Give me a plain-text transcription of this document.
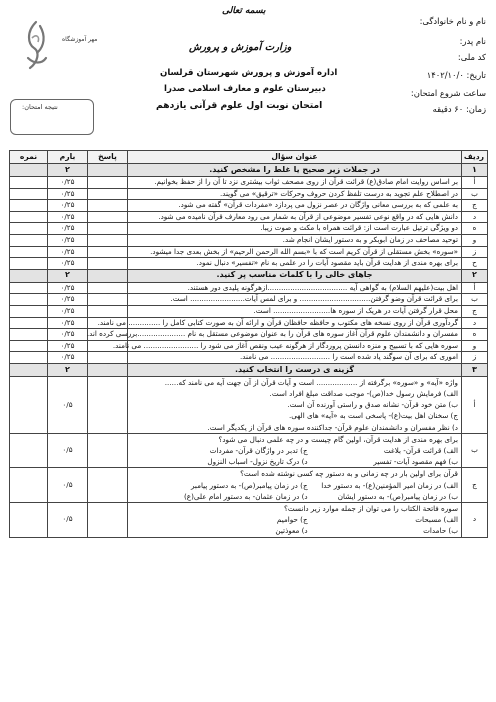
بسمه تعالی
وزارت آموزش و پرورش
اداره آموزش و پرورش شهرستان قرلسان
دبیرستان علوم و معارف اسلامی صدرا
امتحان نوبت اول علوم قرآنی یازدهم
نام و نام خانوادگی:
نام پدر:
کد ملی:
تاریخ: ۱۴۰۲/۱۰/۰
ساعت شروع امتحان:
زمان: ۶۰ دقیقه
مهر آموزشگاه
نتیجه امتحان:
ردیف	عنوان سؤال	پاسخ	بارم	نمره
۱	در جملات زیر صحیح یا غلط را مشخص کنید.		۲	
أ	بر اساس روایت امام صادق(ع) قرائت قرآن از روی مصحف ثواب بیشتری نزد تا آن را از حفظ بخوانیم.		۰/۲۵	
ب	در اصطلاح علم تجوید به درست تلفظ کردن حروف وحرکات «ترقیق» می گویند.		۰/۲۵	
ج	به علمی که به بررسی معانی واژگان در عصر نزول می پردازد «مفردات قرآن» گفته می شود.		۰/۲۵	
د	دانش هایی که در واقع نوعی تفسیر موضوعی از قرآن به شمار می رود معارف قرآن نامیده می شود.		۰/۲۵	
ه	دو ویژگی ترتیل عبارت است از: قرائت همراه با مکث و صوت زیبا.		۰/۲۵	
و	توحید مصاحف در زمان ابوبکر و به دستور ایشان انجام شد.		۰/۲۵	
ز	«سوره» بخش مستقلی از قرآن کریم است که با «بسم الله الرحمن الرحیم» از بخش بعدی جدا میشود.		۰/۲۵	
ح	برای بهره مندی از هدایت قرآن باید مقصود آیات را در علمی به نام «تفسیر» دنبال نمود.		۰/۲۵	
۲	جاهای خالی را با کلمات مناسب پر کنید.		۲	
أ	اهل بیت(علیهم السلام) به گواهی آیه ...................................ازهرگونه پلیدی دور هستند.		۰/۲۵	
ب	برای قرائت قرآن وضو گرفتن............................... و برای لمس آیات........................ است.		۰/۲۵	
ج	محل قرار گرفتن آیات در هریک از سوره ها......................... است.		۰/۲۵	
د	گردآوری قرآن از روی نسخه های مکتوب و حافظه حافظان قرآن و ارائه آن به صورت کتابی کامل را .............. می نامند.		۰/۲۵	
ه	مفسران و دانشمندان علوم قرآن آغاز سوره های قرآن را به عنوان موضوعی مستقل به نام .....................بررسی کرده اند.		۰/۲۵	
و	سوره هایی که با تسبیح و منزه دانستن پروردگار از هرگونه عیب ونقص آغاز می شود را ........................ می نامند.		۰/۲۵	
ز	اموری که برای آن سوگند یاد شده است را .......................... می نامند.		۰/۲۵	
۳	گزینه ی درست را انتخاب کنید.		۲	
أ	واژه «آیه» و «سوره» برگرفته از .................. است و آیات قرآن از آن جهت آیه می نامند که......
الف) فرمایش رسول خدا(ص)- موجب صداقت مبلغ افراد است.
ب) متن خود قرآن- نشانه صدق و راستی آورنده آن است.
ج) سخنان اهل بیت(ع)- پاسخی است به «آیه» های الهی.
د) نظر مفسران و دانشمندان علوم قرآن- جداکننده سوره های قرآن از یکدیگر است.		۰/۵	
ب	برای بهره مندی از هدایت قرآن، اولین گام چیست و در چه علمی دنبال می شود؟
الف) قرائت قرآن- بلاغتج) تدبر در واژگان قرآن- مفردات
ب) فهم مقصود آیات- تفسیرد) درک تاریخ نزول- اسباب النزول		۰/۵	
ج	قرآن برای اولین بار در چه زمانی و به دستور چه کسی نوشته شده است؟
الف) در زمان امیر المؤمنین(ع)- به دستور خداج) در زمان پیامبر(ص)- به دستور پیامبر
ب) در زمان پیامبر(ص)- به دستور ایشاند) در زمان عثمان- به دستور امام علی(ع)		۰/۵	
د	سوره فاتحة الکتاب را می توان از جمله موارد زیر دانست؟
الف) مسبحاتج) حوامیم
ب) حامداتد) معوذتین		۰/۵	
